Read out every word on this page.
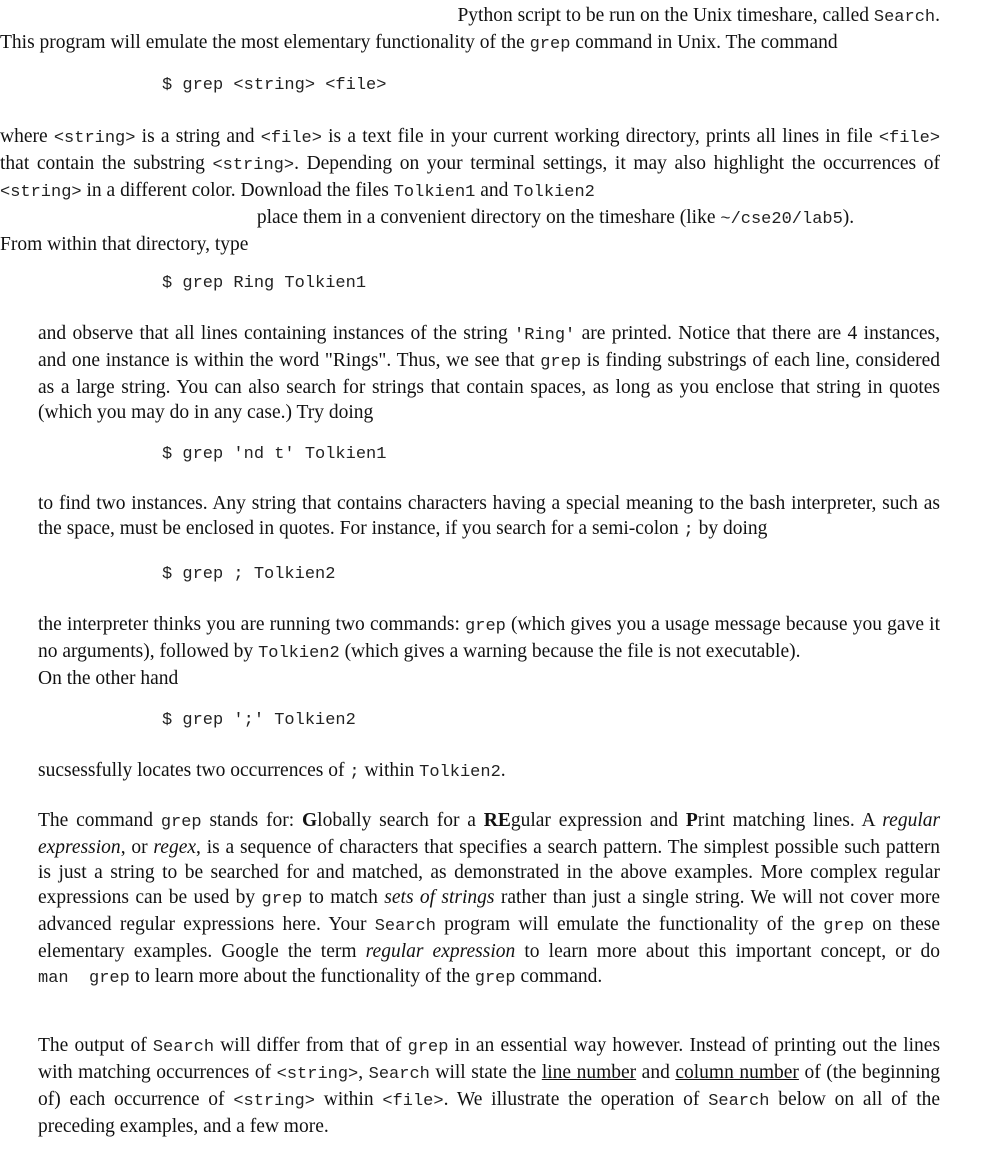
Python script to be run on the Unix timeshare, called Search.
This program will emulate the most elementary functionality of the grep command in Unix. The command
$ grep <string> <file>
where <string> is a string and <file> is a text file in your current working directory, prints all lines in file <file> that contain the substring <string>. Depending on your terminal settings, it may also highlight the occurrences of <string> in a different color. Download the files Tolkien1 and Tolkien2
place them in a convenient directory on the timeshare (like ~/cse20/lab5).
From within that directory, type
$ grep Ring Tolkien1
and observe that all lines containing instances of the string 'Ring' are printed. Notice that there are 4 instances, and one instance is within the word "Rings". Thus, we see that grep is finding substrings of each line, considered as a large string. You can also search for strings that contain spaces, as long as you enclose that string in quotes (which you may do in any case.) Try doing
$ grep 'nd t' Tolkien1
to find two instances. Any string that contains characters having a special meaning to the bash interpreter, such as the space, must be enclosed in quotes. For instance, if you search for a semi-colon ; by doing
$ grep ; Tolkien2
the interpreter thinks you are running two commands: grep (which gives you a usage message because you gave it no arguments), followed by Tolkien2 (which gives a warning because the file is not executable).
On the other hand
$ grep ';' Tolkien2
sucsessfully locates two occurrences of ; within Tolkien2.
The command grep stands for: Globally search for a REgular expression and Print matching lines. A regular expression, or regex, is a sequence of characters that specifies a search pattern. The simplest possible such pattern is just a string to be searched for and matched, as demonstrated in the above examples. More complex regular expressions can be used by grep to match sets of strings rather than just a single string. We will not cover more advanced regular expressions here. Your Search program will emulate the functionality of the grep on these elementary examples. Google the term regular expression to learn more about this important concept, or do man  grep to learn more about the functionality of the grep command.
The output of Search will differ from that of grep in an essential way however. Instead of printing out the lines with matching occurrences of <string>, Search will state the line number and column number of (the beginning of) each occurrence of <string> within <file>. We illustrate the operation of Search below on all of the preceding examples, and a few more.
